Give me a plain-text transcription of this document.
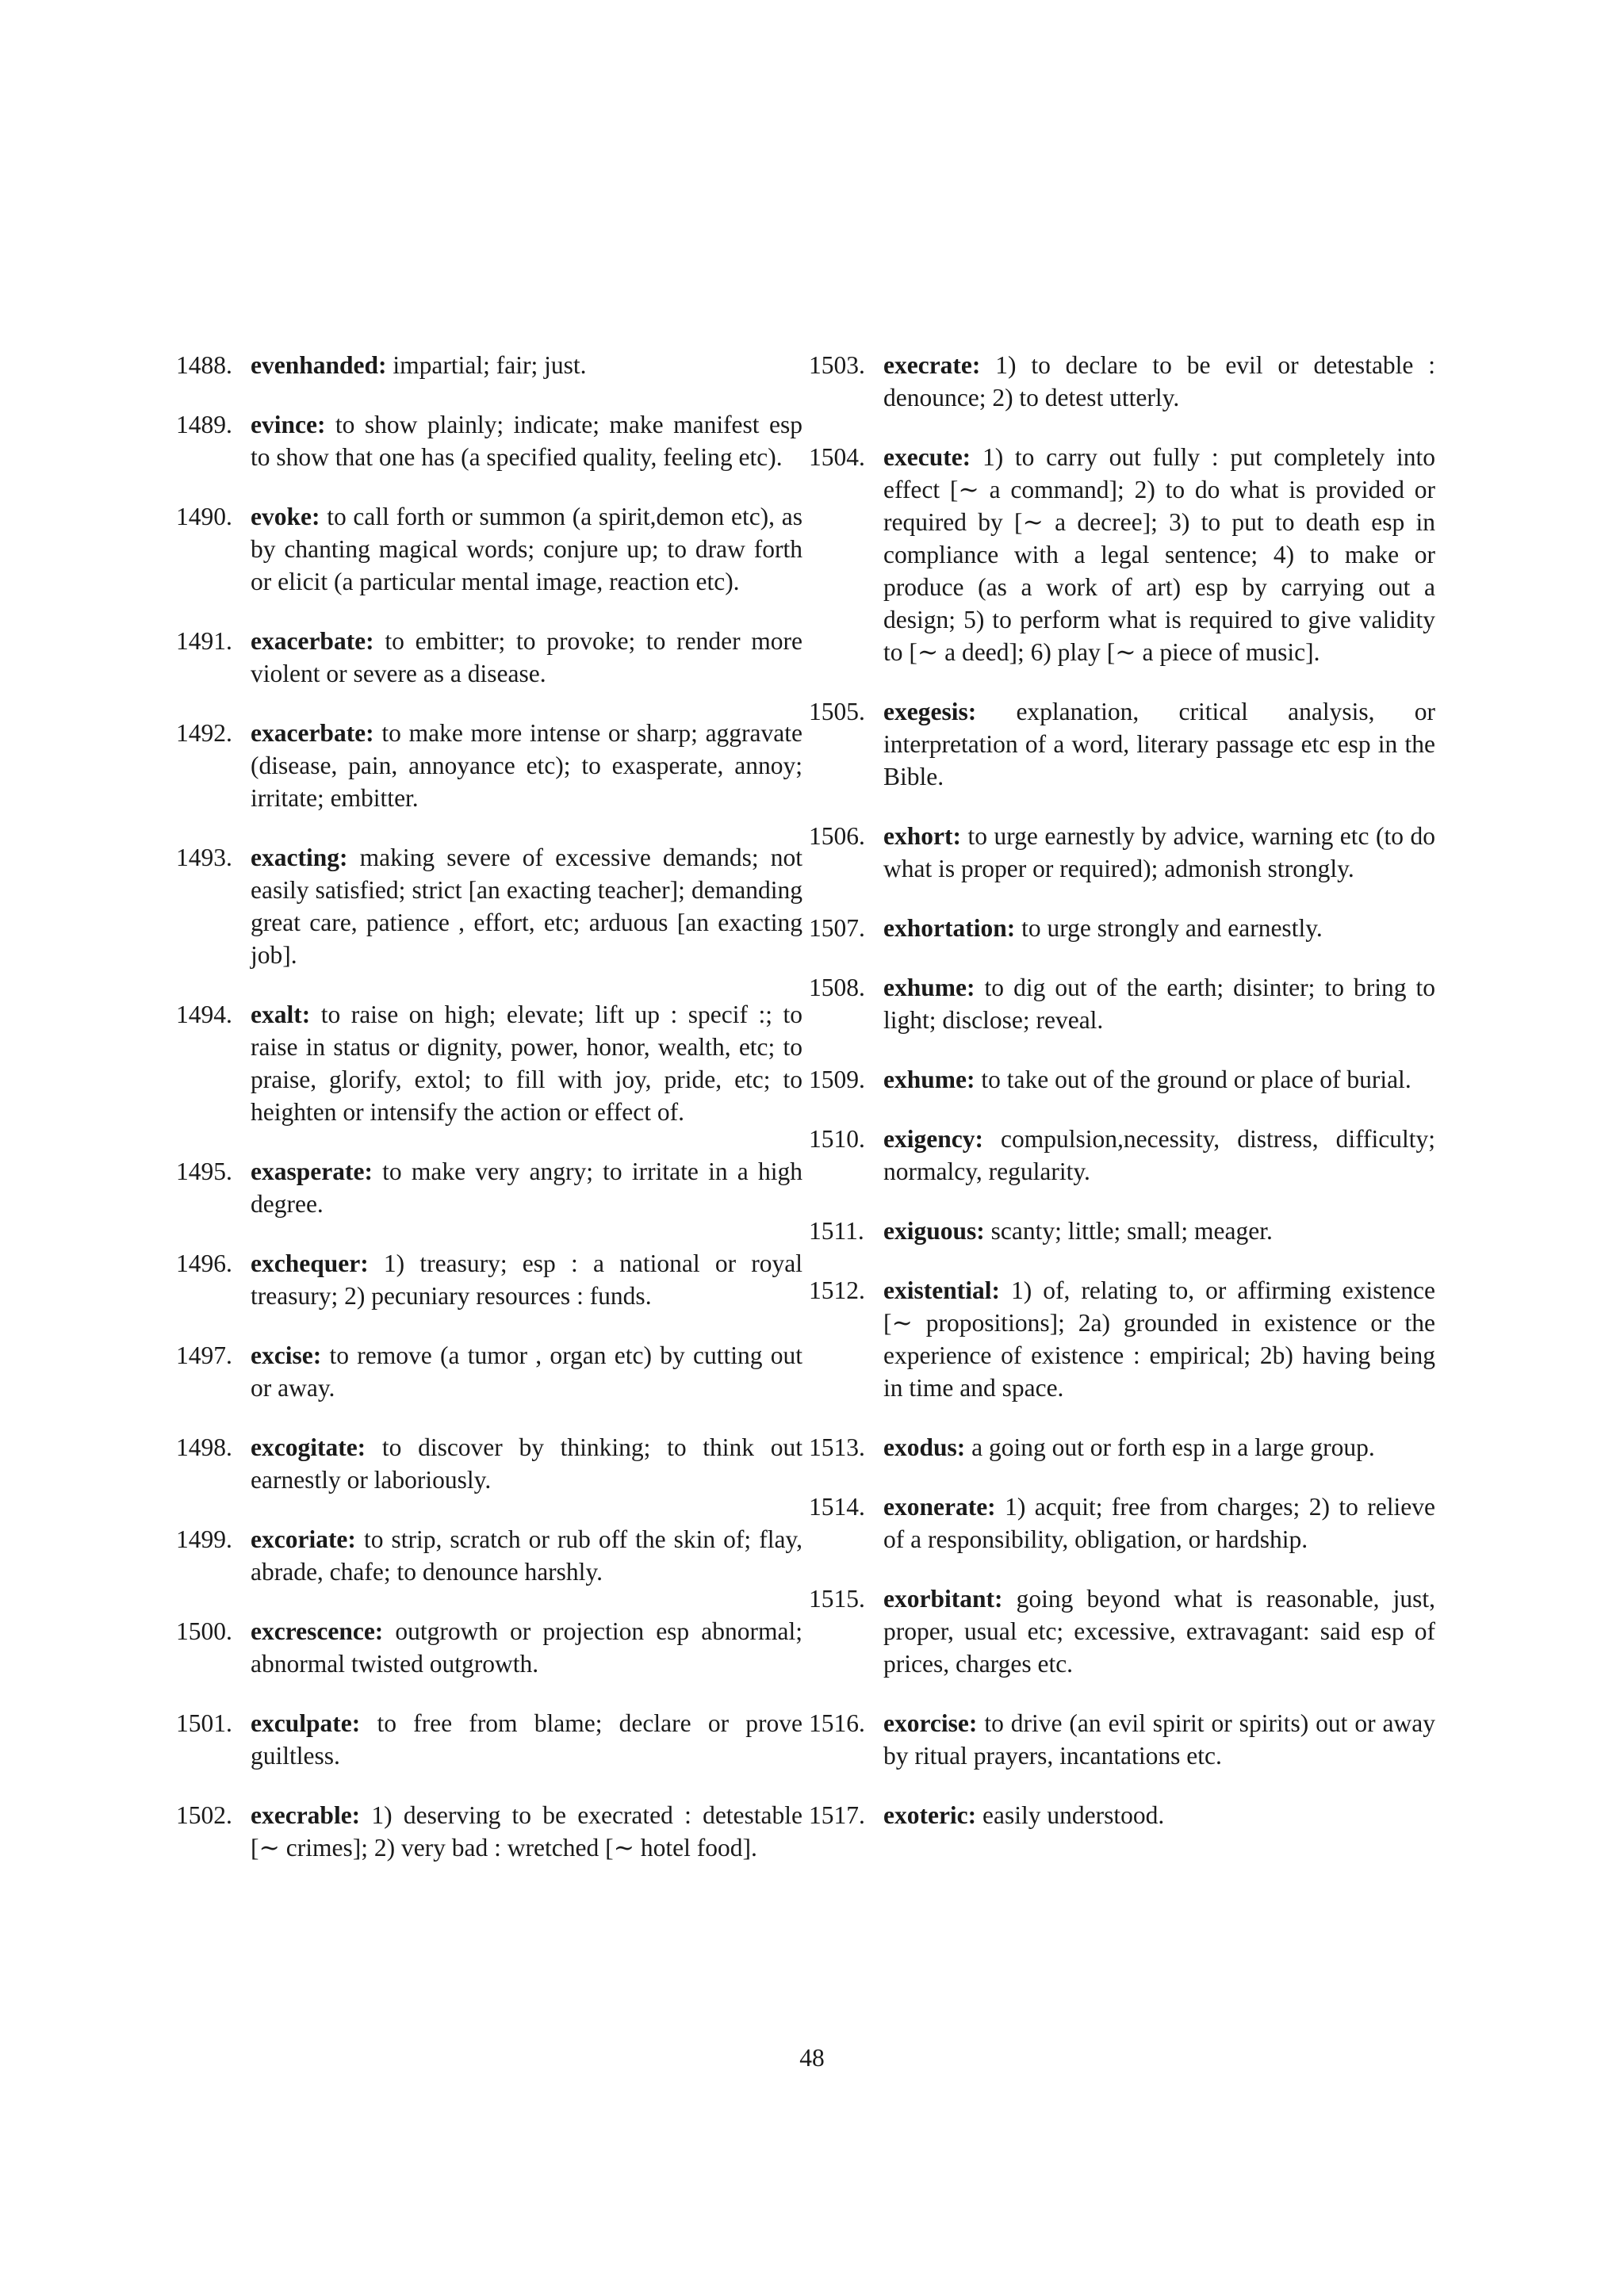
1488. evenhanded: impartial; fair; just.
1489. evince: to show plainly; indicate; make manifest esp to show that one has (a specified quality, feeling etc).
1490. evoke: to call forth or summon (a spirit,demon etc), as by chanting magical words; conjure up; to draw forth or elicit (a particular mental image, reaction etc).
1491. exacerbate: to embitter; to provoke; to render more violent or severe as a disease.
1492. exacerbate: to make more intense or sharp; aggravate (disease, pain, annoyance etc); to exasperate, annoy; irritate; embitter.
1493. exacting: making severe of excessive demands; not easily satisfied; strict [an exacting teacher]; demanding great care, patience , effort, etc; arduous [an exacting job].
1494. exalt: to raise on high; elevate; lift up : specif :; to raise in status or dignity, power, honor, wealth, etc; to praise, glorify, extol; to fill with joy, pride, etc; to heighten or intensify the action or effect of.
1495. exasperate: to make very angry; to irritate in a high degree.
1496. exchequer: 1) treasury; esp : a national or royal treasury; 2) pecuniary resources : funds.
1497. excise: to remove (a tumor , organ etc) by cutting out or away.
1498. excogitate: to discover by thinking; to think out earnestly or laboriously.
1499. excoriate: to strip, scratch or rub off the skin of; flay, abrade, chafe; to denounce harshly.
1500. excrescence: outgrowth or projection esp abnormal; abnormal twisted outgrowth.
1501. exculpate: to free from blame; declare or prove guiltless.
1502. execrable: 1) deserving to be execrated : detestable [∼ crimes]; 2) very bad : wretched [∼ hotel food].
1503. execrate: 1) to declare to be evil or detestable : denounce; 2) to detest utterly.
1504. execute: 1) to carry out fully : put completely into effect [∼ a command]; 2) to do what is provided or required by [∼ a decree]; 3) to put to death esp in compliance with a legal sentence; 4) to make or produce (as a work of art) esp by carrying out a design; 5) to perform what is required to give validity to [∼ a deed]; 6) play [∼ a piece of music].
1505. exegesis: explanation, critical analysis, or interpretation of a word, literary passage etc esp in the Bible.
1506. exhort: to urge earnestly by advice, warning etc (to do what is proper or required); admonish strongly.
1507. exhortation: to urge strongly and earnestly.
1508. exhume: to dig out of the earth; disinter; to bring to light; disclose; reveal.
1509. exhume: to take out of the ground or place of burial.
1510. exigency: compulsion,necessity, distress, difficulty; normalcy, regularity.
1511. exiguous: scanty; little; small; meager.
1512. existential: 1) of, relating to, or affirming existence [∼ propositions]; 2a) grounded in existence or the experience of existence : empirical; 2b) having being in time and space.
1513. exodus: a going out or forth esp in a large group.
1514. exonerate: 1) acquit; free from charges; 2) to relieve of a responsibility, obligation, or hardship.
1515. exorbitant: going beyond what is reasonable, just, proper, usual etc; excessive, extravagant: said esp of prices, charges etc.
1516. exorcise: to drive (an evil spirit or spirits) out or away by ritual prayers, incantations etc.
1517. exoteric: easily understood.
48
